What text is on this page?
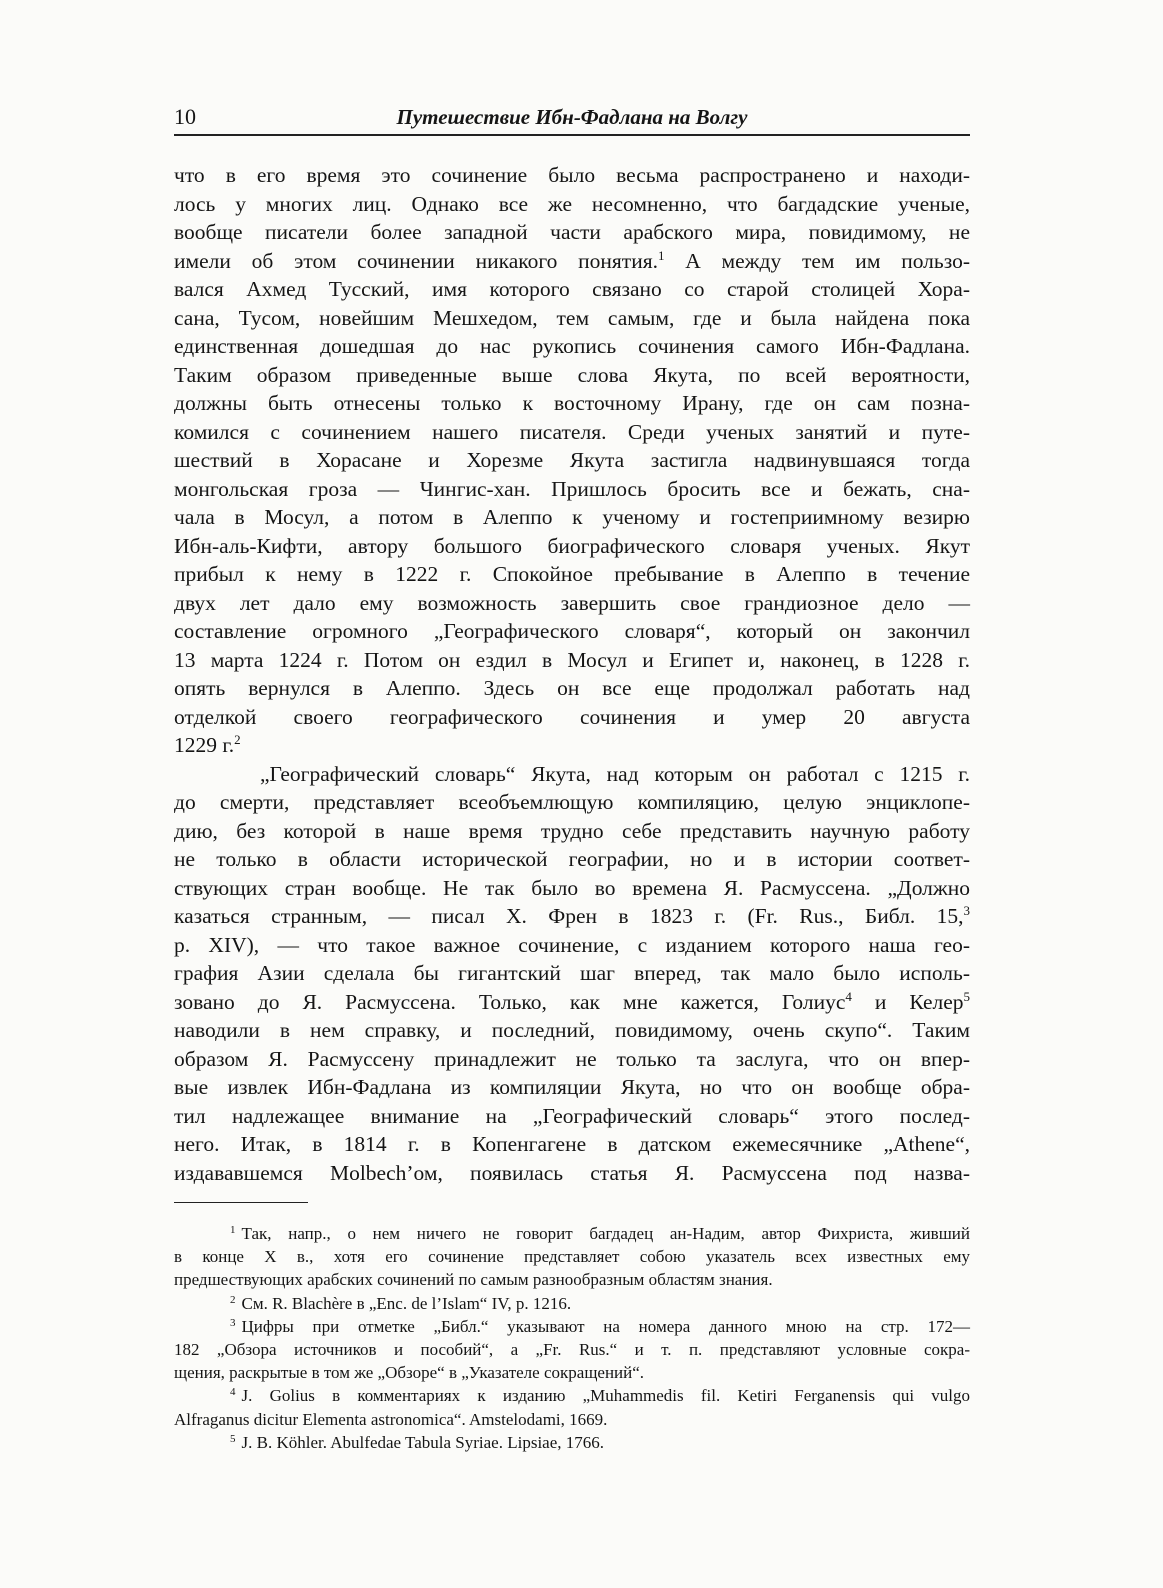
10	Путешествие Ибн-Фадлана на Волгу
что в его время это сочинение было весьма распространено и находи-
лось у многих лиц. Однако все же несомненно, что багдадские ученые,
вообще писатели более западной части арабского мира, повидимому, не
имели об этом сочинении никакого понятия.$^1$ А между тем им пользо-
вался Ахмед Тусский, имя которого связано со старой столицей Хора-
сана, Тусом, новейшим Мешхедом, тем самым, где и была найдена пока
единственная дошедшая до нас рукопись сочинения самого Ибн-Фадлана.
Таким образом приведенные выше слова Якута, по всей вероятности,
должны быть отнесены только к восточному Ирану, где он сам позна-
комился с сочинением нашего писателя. Среди ученых занятий и путе-
шествий в Хорасане и Хорезме Якута застигла надвинувшаяся тогда
монгольская гроза — Чингис-хан. Пришлось бросить все и бежать, сна-
чала в Мосул, а потом в Алеппо к ученому и гостеприимному везирю
Ибн-аль-Кифти, автору большого биографического словаря ученых. Якут
прибыл к нему в 1222 г. Спокойное пребывание в Алеппо в течение
двух лет дало ему возможность завершить свое грандиозное дело —
составление огромного „Географического словаря“, который он закончил
13 марта 1224 г. Потом он ездил в Мосул и Египет и, наконец, в 1228 г.
опять вернулся в Алеппо. Здесь он все еще продолжал работать над
отделкой своего географического сочинения и умер 20 августа
1229 г.$^2$
„Географический словарь“ Якута, над которым он работал с 1215 г.
до смерти, представляет всеобъемлющую компиляцию, целую энциклопе-
дию, без которой в наше время трудно себе представить научную работу
не только в области исторической географии, но и в истории соответ-
ствующих стран вообще. Не так было во времена Я. Расмуссена. „Должно
казаться странным, — писал X. Френ в 1823 г. (Fr. Rus., Библ. 15,$^3$
р. XIV), — что такое важное сочинение, с изданием которого наша гео-
графия Азии сделала бы гигантский шаг вперед, так мало было исполь-
зовано до Я. Расмуссена. Только, как мне кажется, Голиус$^4$ и Келер$^5$
наводили в нем справку, и последний, повидимому, очень скупо“. Таким
образом Я. Расмуссену принадлежит не только та заслуга, что он впер-
вые извлек Ибн-Фадлана из компиляции Якута, но что он вообще обра-
тил надлежащее внимание на „Географический словарь“ этого послед-
него. Итак, в 1814 г. в Копенгагене в датском ежемесячнике „Athene“,
издававшемся Molbech’ом, появилась статья Я. Расмуссена под назва-
$^1$ Так, напр., о нем ничего не говорит багдадец ан-Надим, автор Фихриста, живший
в конце X в., хотя его сочинение представляет собою указатель всех известных ему
предшествующих арабских сочинений по самым разнообразным областям знания.
$^2$ См. R. Blachère в „Enc. de l’Islam“ IV, p. 1216.
$^3$ Цифры при отметке „Библ.“ указывают на номера данного мною на стр. 172—
182 „Обзора источников и пособий“, а „Fr. Rus.“ и т. п. представляют условные сокра-
щения, раскрытые в том же „Обзоре“ в „Указателе сокращений“.
$^4$ J. Golius в комментариях к изданию „Muhammedis fil. Ketiri Ferganensis qui vulgo
Alfraganus dicitur Elementa astronomica“. Amstelodami, 1669.
$^5$ J. B. Köhler. Abulfedae Tabula Syriae. Lipsiae, 1766.
